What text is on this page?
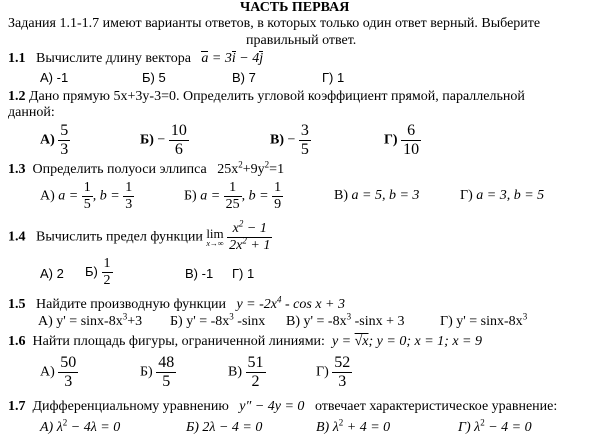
ЧАСТЬ ПЕРВАЯ
Задания 1.1-1.7 имеют варианты ответов, в которых только один ответ верный. Выберите
правильный ответ.
1.1 Вычислите длину вектора a = 3i − 4j
А) -1	Б) 5	В) 7	Г) 1
1.2 Дано прямую 5х+3у-3=0. Определить угловой коэффициент прямой, параллельной
данной:
$А) \frac{5}{3}$	$Б) - \frac{10}{6}$	$В) - \frac{3}{5}$	$Г) \frac{6}{10}$
1.3 Определить полуоси эллипса $25х^2+9у^2=1$
А) $a = \frac{1}{5}$ , $b = \frac{1}{3}$	Б) $a = \frac{1}{25}$ , $b = \frac{1}{9}$	В) a = 5, b = 3	Г) a = 3, b = 5
1.4 Вычислить предел функции lim
x→∞
$\frac{x^2 - 1}{2x^2 + 1}$
А) 2 $Б) \frac{1}{2}$	В) -1 Г) 1
1.5 Найдите производную функции $y = -2x^4 - \cos x + 3$
А) y' = sinx-$8x^3+3$ Б) $y' = -8x^3$ -sinx В) $y' = -8x^3$ -sinx + 3	Г) y' = sinx-$8x^3$
1.6 Найти площадь фигуры, ограниченной линиями: y = √x; y = 0; x = 1; x = 9
$А) \frac{50}{3}$	$Б) \frac{48}{5}$	$В) \frac{51}{2}$	$Г) \frac{52}{3}$
1.7 Дифференциальному уравнению y″ − 4y = 0 отвечает характеристическое уравнение:
А) $\lambda^2 - 4\lambda = 0$	Б) 2λ − 4 = 0	В) $\lambda^2 + 4 = 0$	Г) $\lambda^2 - 4 = 0$
